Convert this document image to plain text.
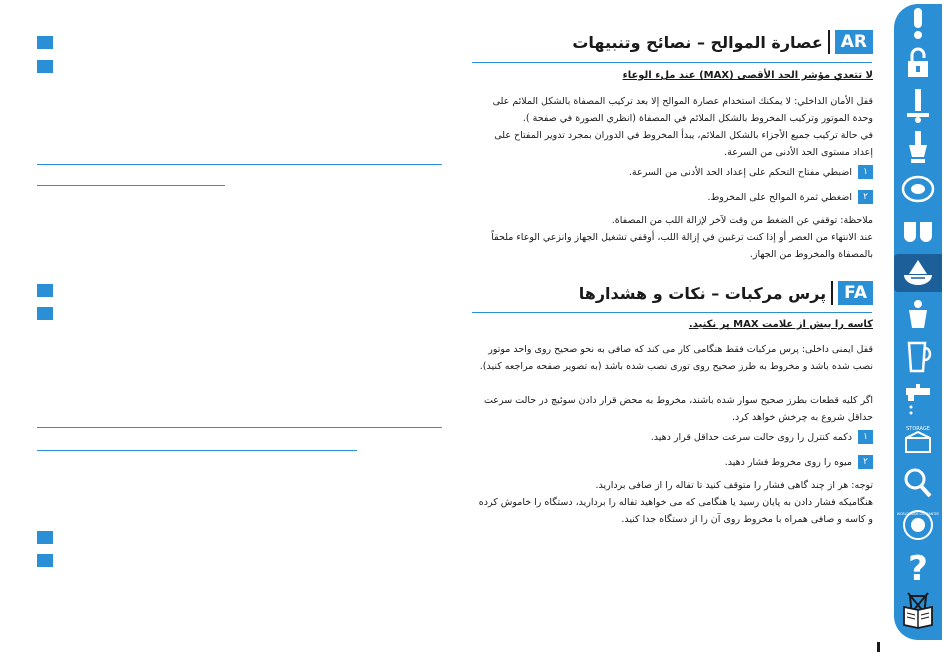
AR
عصارة الموالح – نصائح وتنبيهات
لا تتعدي مؤشر الحد الأقصى (MAX) عند ملء الوعاء
قفل الأمان الداخلي: لا يمكنك استخدام عصارة الموالح إلا بعد تركيب المصفاة بالشكل الملائم على وحدة الموتور وتركيب المخروط بالشكل الملائم في المصفاة (انظري الصورة في صفحة ).
في حالة تركيب جميع الأجزاء بالشكل الملائم، يبدأ المخروط في الدوران بمجرد تدوير المفتاح على إعداد مستوى الحد الأدنى من السرعة.
١
اضبطي مفتاح التحكم على إعداد الحد الأدنى من السرعة.
٢
اضغطي ثمرة الموالح على المخروط.
ملاحظة: توقفي عن الضغط من وقت لآخر لإزالة اللب من المصفاة.
عند الانتهاء من العصر أو إذا كنت ترغبين في إزالة اللب، أوقفي تشغيل الجهاز وانزعي الوعاء ملحقاً بالمصفاة والمخروط من الجهاز.
FA
پرس مرکبات – نکات و هشدارها
کاسه را بیش از علامت MAX پر نکنید.
قفل ایمنی داخلی: پرس مرکبات فقط هنگامی کار می کند که صافی به نحو صحیح روی واحد موتور نصب شده باشد و مخروط به طرز صحیح روی توری نصب شده باشد (به تصویر صفحه مراجعه کنید).
اگر کلیه قطعات بطرز صحیح سوار شده باشند، مخروط به محض قرار دادن سوئیچ در حالت سرعت حداقل شروع به چرخش خواهد کرد.
١
دکمه کنترل را روی حالت سرعت حداقل قرار دهید.
٢
میوه را روی مخروط فشار دهید.
توجه: هر از چند گاهی فشار را متوقف کنید تا تفاله را از صافی بردارید.
هنگامیکه فشار دادن به پایان رسید یا هنگامی که می خواهید تفاله را بردارید، دستگاه را خاموش کرده و کاسه و صافی همراه با مخروط روی آن را از دستگاه جدا کنید.
STORAGE
WORLD-WIDE GUARANTEE
?
